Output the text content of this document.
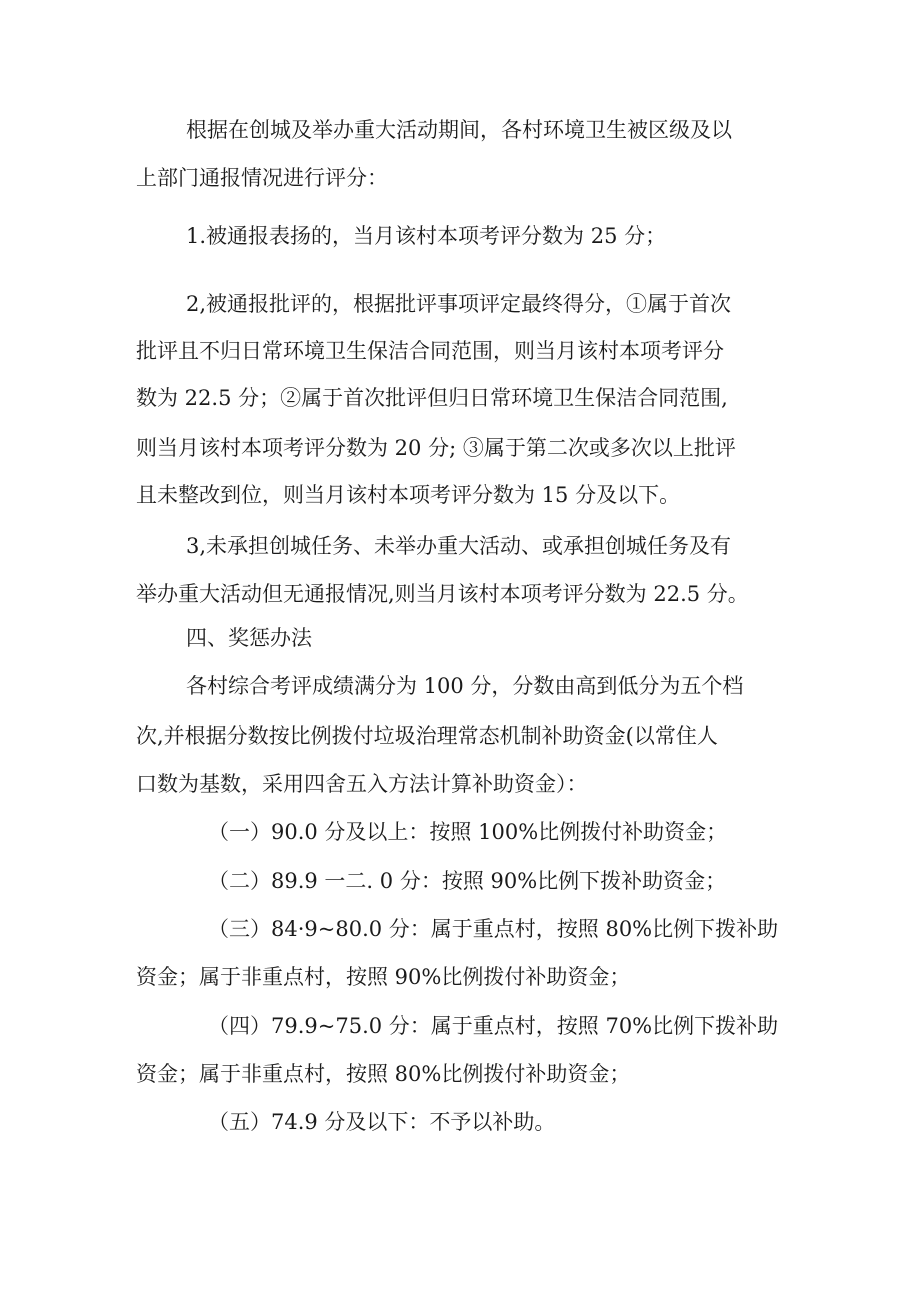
根据在创城及举办重大活动期间，各村环境卫生被区级及以
上部门通报情况进行评分：
1.被通报表扬的，当月该村本项考评分数为 25 分；
2,被通报批评的，根据批评事项评定最终得分，①属于首次
批评且不归日常环境卫生保洁合同范围，则当月该村本项考评分
数为 22.5 分；②属于首次批评但归日常环境卫生保洁合同范围,
则当月该村本项考评分数为 20 分; ③属于第二次或多次以上批评
且未整改到位，则当月该村本项考评分数为 15 分及以下。
3,未承担创城任务、未举办重大活动、或承担创城任务及有
举办重大活动但无通报情况,则当月该村本项考评分数为 22.5 分。
四、奖惩办法
各村综合考评成绩满分为 100 分，分数由高到低分为五个档
次,并根据分数按比例拨付垃圾治理常态机制补助资金(以常住人
口数为基数，采用四舍五入方法计算补助资金）：
（一）90.0 分及以上：按照 100%比例拨付补助资金；
（二）89.9 一二. 0 分：按照 90%比例下拨补助资金；
（三）84·9~80.0 分：属于重点村，按照 80%比例下拨补助
资金；属于非重点村，按照 90%比例拨付补助资金；
（四）79.9~75.0 分：属于重点村，按照 70%比例下拨补助
资金；属于非重点村，按照 80%比例拨付补助资金；
（五）74.9 分及以下：不予以补助。
